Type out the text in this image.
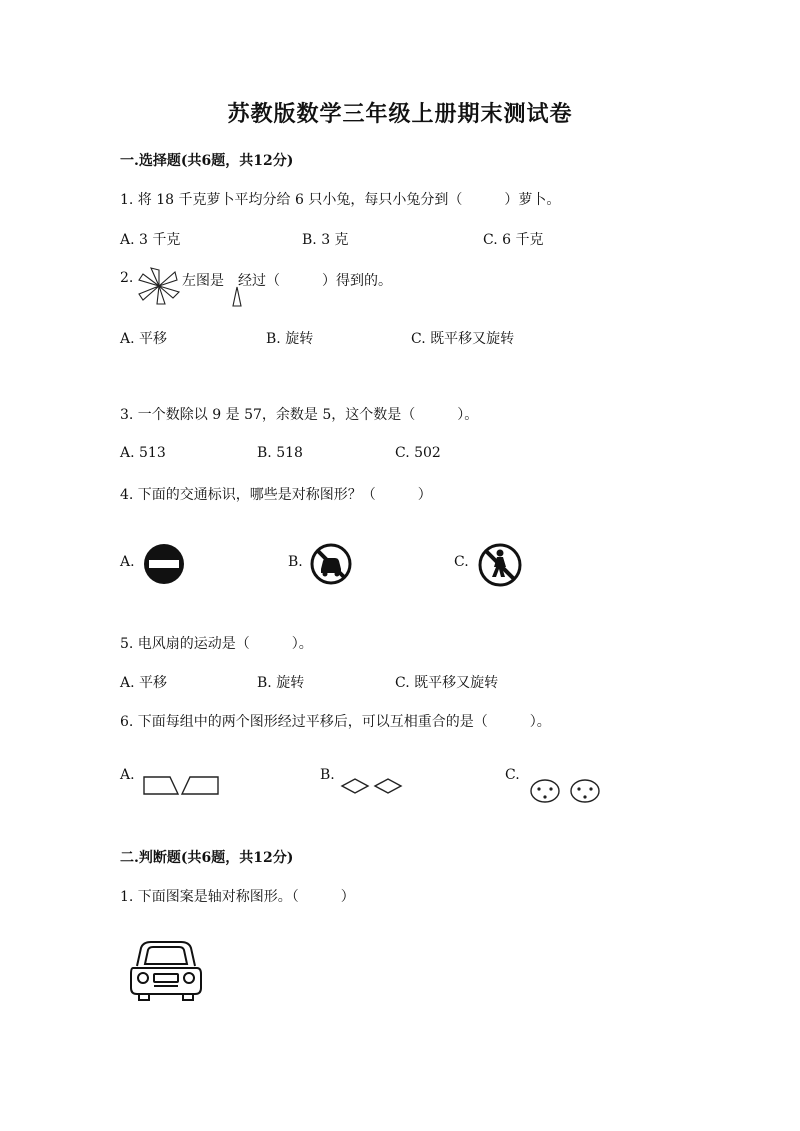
苏教版数学三年级上册期末测试卷
一.选择题(共6题，共12分)
1. 将 18 千克萝卜平均分给 6 只小兔，每只小兔分到（　　　）萝卜。
A. 3 千克	B. 3 克	C. 6 千克
2.	左图是　经过（　　　）得到的。
A. 平移	B. 旋转	C. 既平移又旋转
3. 一个数除以 9 是 57，余数是 5，这个数是（　　　）。
A. 513	B. 518	C. 502
4. 下面的交通标识，哪些是对称图形？（　　　）
A.	B.	C.
5. 电风扇的运动是（　　　）。
A. 平移	B. 旋转	C. 既平移又旋转
6. 下面每组中的两个图形经过平移后，可以互相重合的是（　　　）。
A.	B.	C.
二.判断题(共6题，共12分)
1. 下面图案是轴对称图形。（　　　）
